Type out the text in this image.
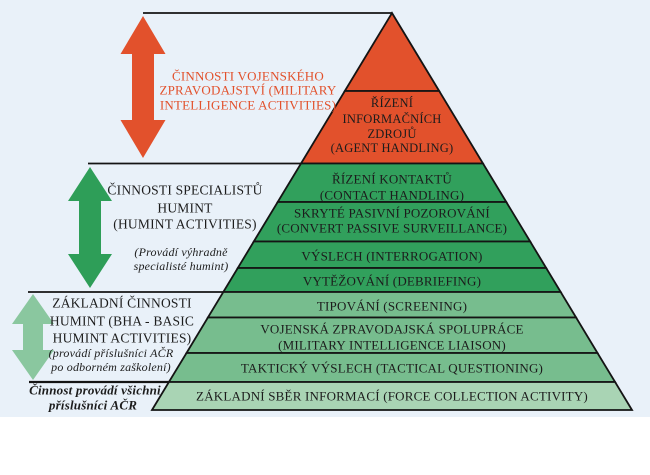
ČINNOSTI VOJENSKÉHO
ZPRAVODAJSTVÍ (MILITARY
INTELLIGENCE ACTIVITIES)
ČINNOSTI SPECIALISTŮ
HUMINT
(HUMINT ACTIVITIES)
(Provádí výhradně
specialisté humint)
ZÁKLADNÍ ČINNOSTI
HUMINT (BHA - BASIC
HUMINT ACTIVITIES)
(provádí příslušníci AČR
po odborném zaškolení)
Činnost provádí všichni
příslušníci AČR
ŘÍZENÍ
INFORMAČNÍCH
ZDROJŮ
(AGENT HANDLING)
ŘÍZENÍ KONTAKTŮ
(CONTACT HANDLING)
SKRYTÉ PASIVNÍ POZOROVÁNÍ
(CONVERT PASSIVE SURVEILLANCE)
VÝSLECH (INTERROGATION)
VYTĚŽOVÁNÍ (DEBRIEFING)
TIPOVÁNÍ (SCREENING)
VOJENSKÁ ZPRAVODAJSKÁ SPOLUPRÁCE
(MILITARY INTELLIGENCE LIAISON)
TAKTICKÝ VÝSLECH (TACTICAL QUESTIONING)
ZÁKLADNÍ SBĚR INFORMACÍ (FORCE COLLECTION ACTIVITY)
